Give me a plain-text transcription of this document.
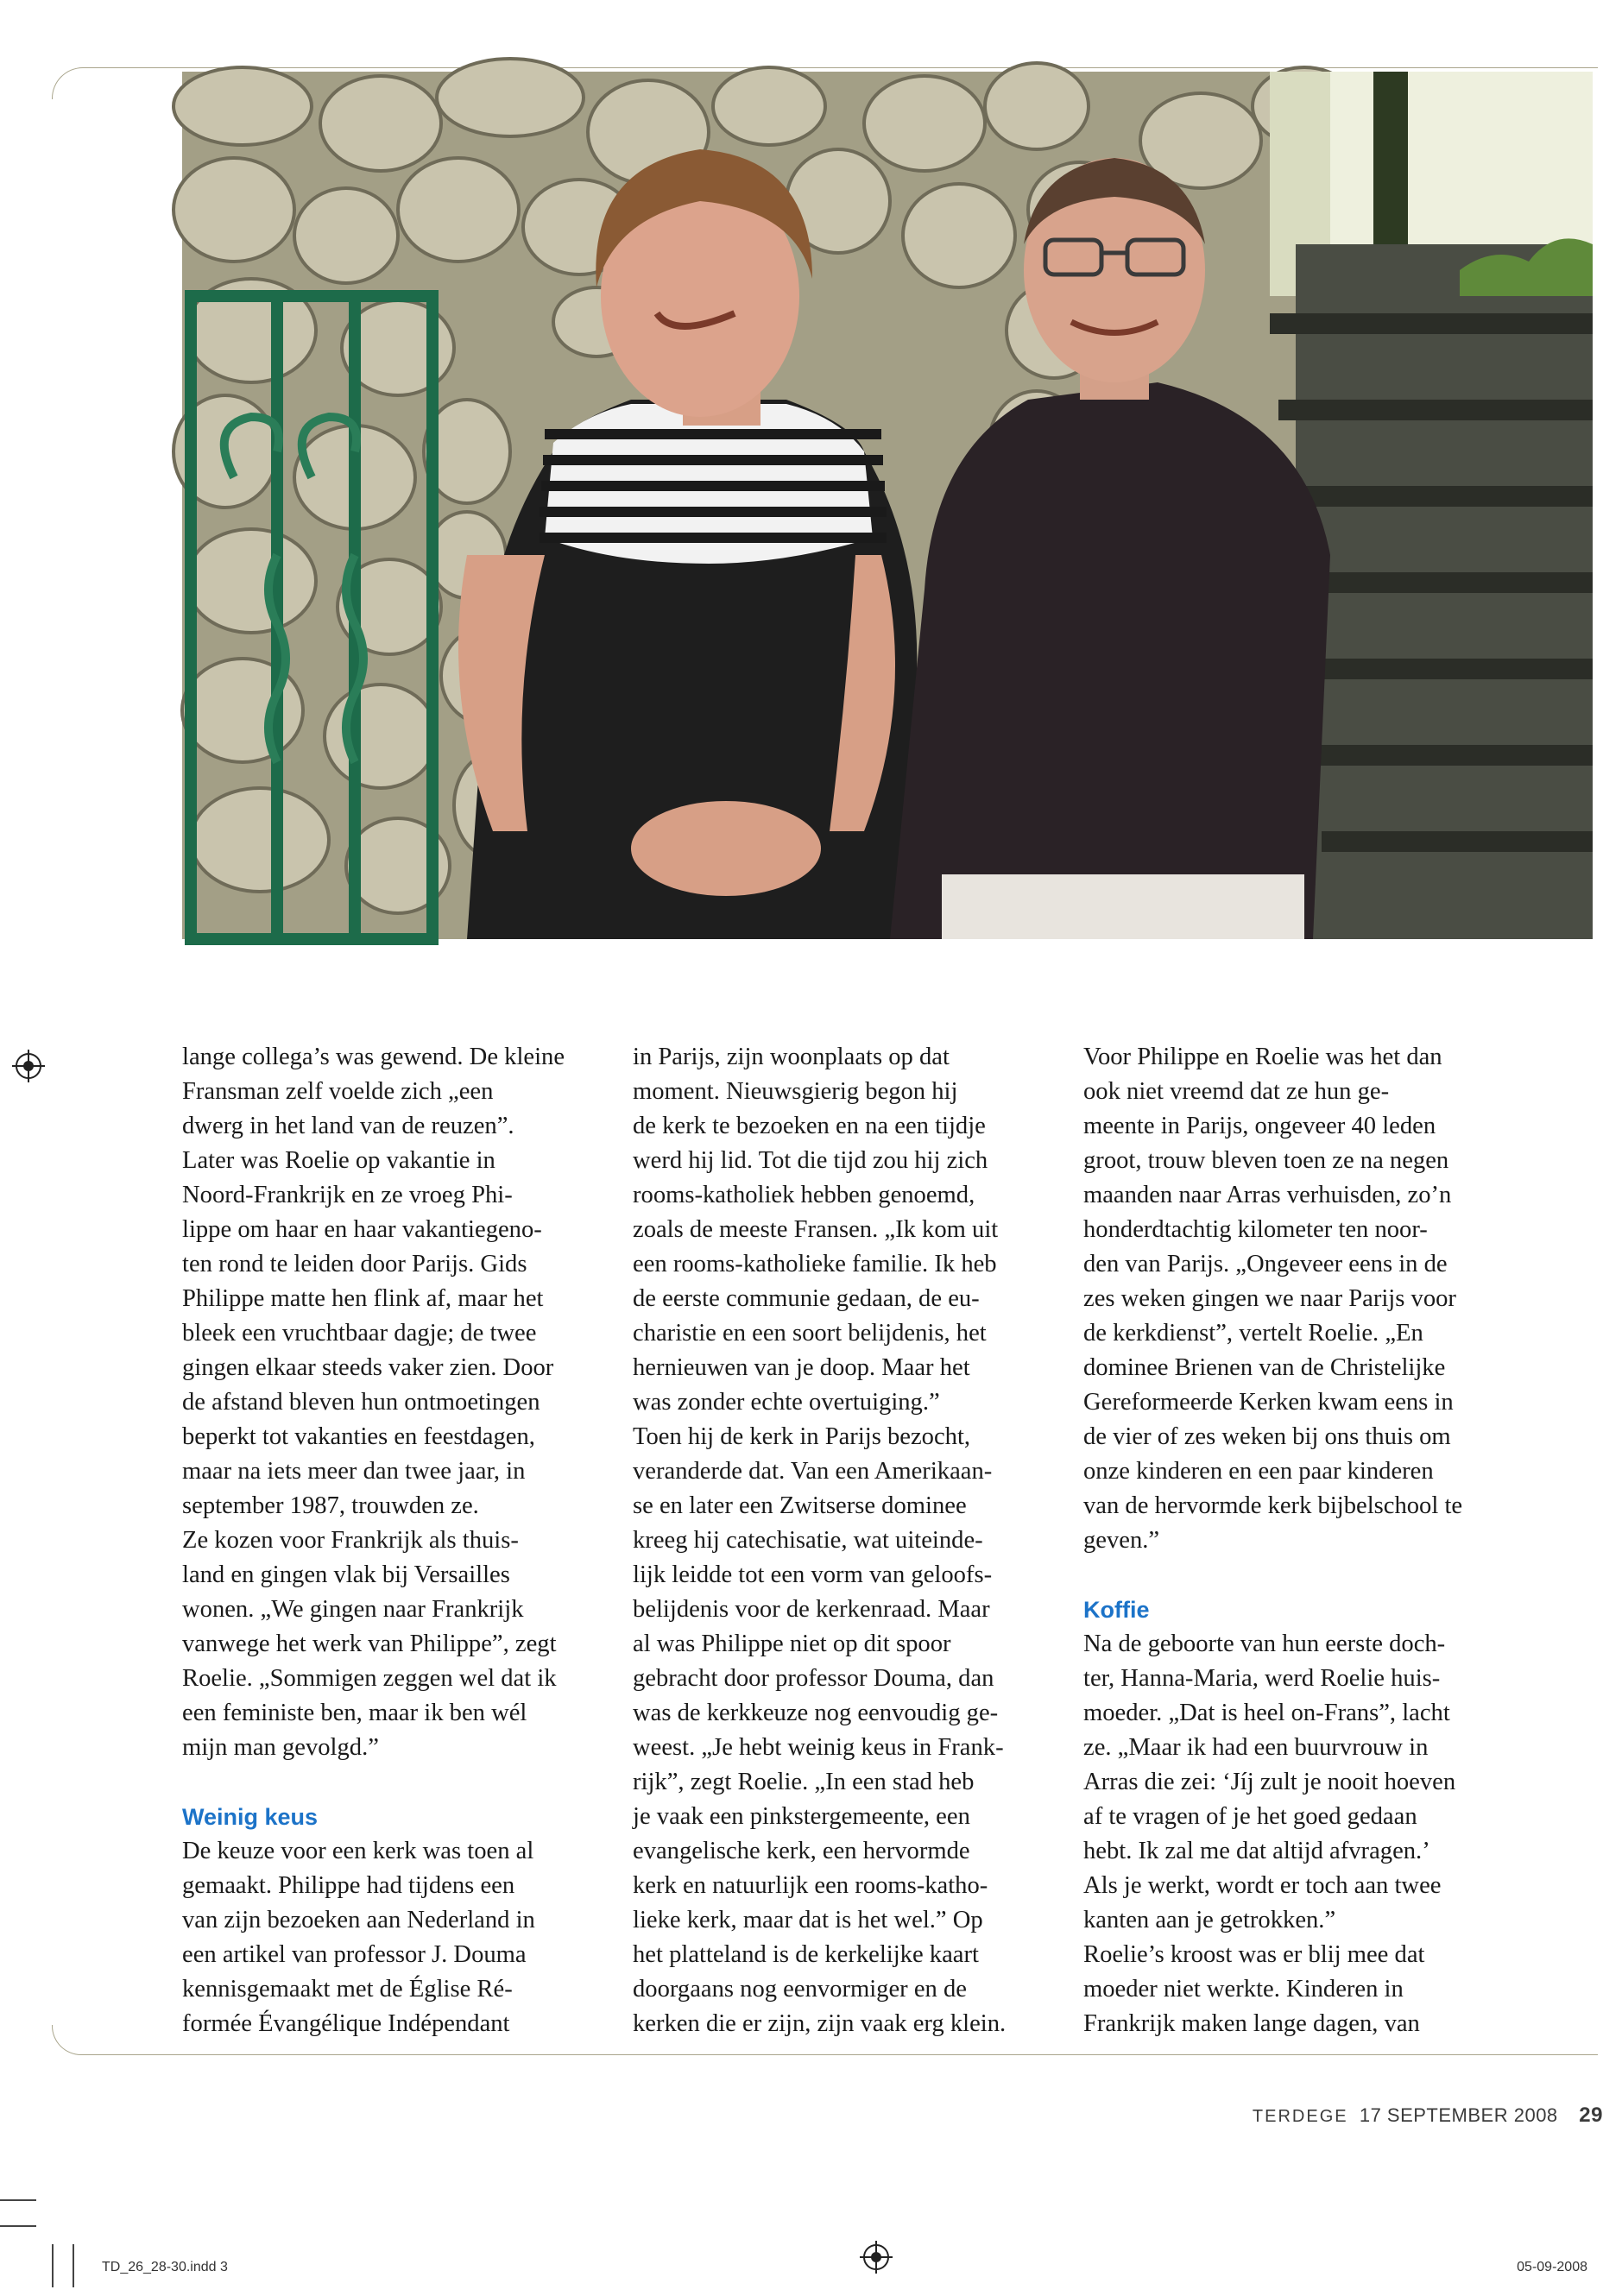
lange collega’s was gewend. De kleine

Fransman zelf voelde zich „een

dwerg in het land van de reuzen”.

Later was Roelie op vakantie in

Noord-Frankrijk en ze vroeg Phi-

lippe om haar en haar vakantiegeno-

ten rond te leiden door Parijs. Gids

Philippe matte hen flink af, maar het

bleek een vruchtbaar dagje; de twee

gingen elkaar steeds vaker zien. Door

de afstand bleven hun ontmoetingen

beperkt tot vakanties en feestdagen,

maar na iets meer dan twee jaar, in

september 1987, trouwden ze.

Ze kozen voor Frankrijk als thuis-

land en gingen vlak bij Versailles

wonen. „We gingen naar Frankrijk

vanwege het werk van Philippe”, zegt

Roelie. „Sommigen zeggen wel dat ik

een feministe ben, maar ik ben wél

mijn man gevolgd.”

Weinig keus

De keuze voor een kerk was toen al

gemaakt. Philippe had tijdens een

van zijn bezoeken aan Nederland in

een artikel van professor J. Douma

kennisgemaakt met de Église Ré-

formée Évangélique Indépendant

in Parijs, zijn woonplaats op dat

moment. Nieuwsgierig begon hij

de kerk te bezoeken en na een tijdje

werd hij lid. Tot die tijd zou hij zich

rooms-katholiek hebben genoemd,

zoals de meeste Fransen. „Ik kom uit

een rooms-katholieke familie. Ik heb

de eerste communie gedaan, de eu-

charistie en een soort belijdenis, het

hernieuwen van je doop. Maar het

was zonder echte overtuiging.”

Toen hij de kerk in Parijs bezocht,

veranderde dat. Van een Amerikaan-

se en later een Zwitserse dominee

kreeg hij catechisatie, wat uiteinde-

lijk leidde tot een vorm van geloofs-

belijdenis voor de kerkenraad. Maar

al was Philippe niet op dit spoor

gebracht door professor Douma, dan

was de kerkkeuze nog eenvoudig ge-

weest. „Je hebt weinig keus in Frank-

rijk”, zegt Roelie. „In een stad heb

je vaak een pinkstergemeente, een

evangelische kerk, een hervormde

kerk en natuurlijk een rooms-katho-

lieke kerk, maar dat is het wel.” Op

het platteland is de kerkelijke kaart

doorgaans nog eenvormiger en de

kerken die er zijn, zijn vaak erg klein.

Voor Philippe en Roelie was het dan

ook niet vreemd dat ze hun ge-

meente in Parijs, ongeveer 40 leden

groot, trouw bleven toen ze na negen

maanden naar Arras verhuisden, zo’n

honderdtachtig kilometer ten noor-

den van Parijs. „Ongeveer eens in de

zes weken gingen we naar Parijs voor

de kerkdienst”, vertelt Roelie. „En

dominee Brienen van de Christelijke

Gereformeerde Kerken kwam eens in

de vier of zes weken bij ons thuis om

onze kinderen en een paar kinderen

van de hervormde kerk bijbelschool te

geven.”

Koffie

Na de geboorte van hun eerste doch-

ter, Hanna-Maria, werd Roelie huis-

moeder. „Dat is heel on-Frans”, lacht

ze. „Maar ik had een buurvrouw in

Arras die zei: ‘Jíj zult je nooit hoeven

af te vragen of je het goed gedaan

hebt. Ik zal me dat altijd afvragen.’

Als je werkt, wordt er toch aan twee

kanten aan je getrokken.”

Roelie’s kroost was er blij mee dat

moeder niet werkte. Kinderen in

Frankrijk maken lange dagen, van

TERDEGE 17 SEPTEMBER 2008 29
TD_26_28-30.indd 3	05-09-2008
